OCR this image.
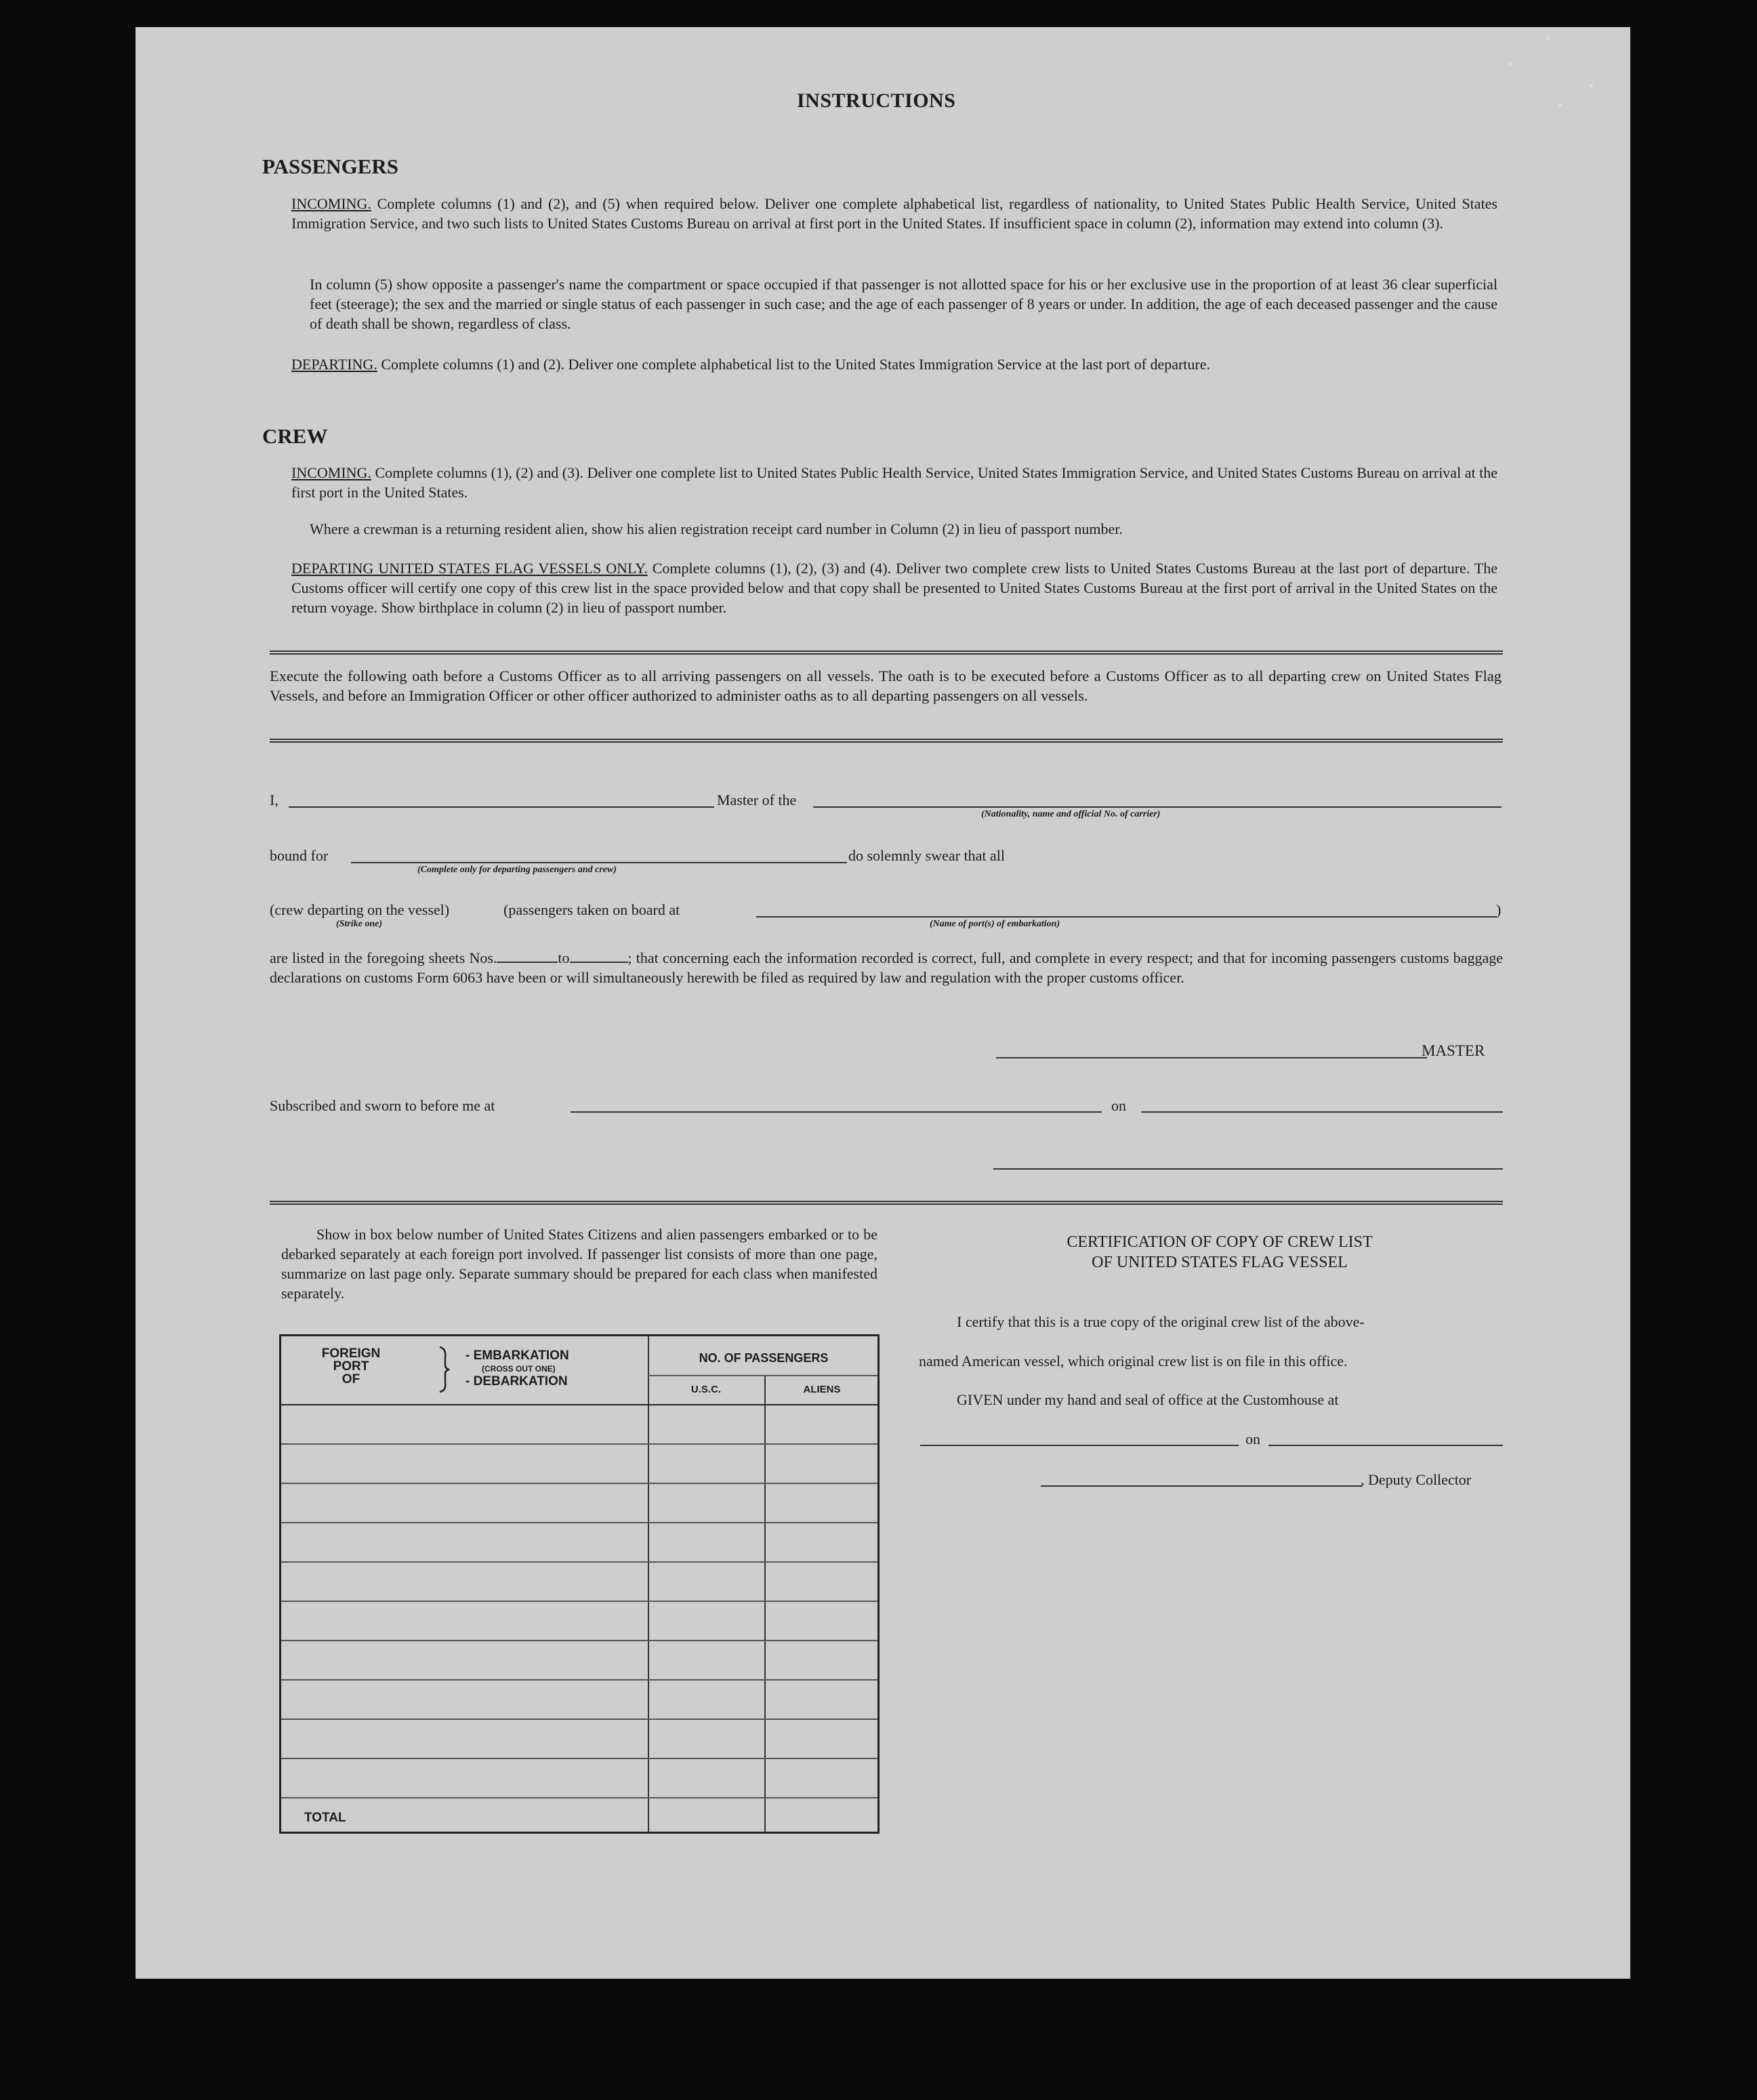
INSTRUCTIONS
PASSENGERS
INCOMING. Complete columns (1) and (2), and (5) when required below. Deliver one complete alphabetical list, regardless of nationality, to United States Public Health Service, United States Immigration Service, and two such lists to United States Customs Bureau on arrival at first port in the United States. If insufficient space in column (2), information may extend into column (3).
In column (5) show opposite a passenger's name the compartment or space occupied if that passenger is not allotted space for his or her exclusive use in the proportion of at least 36 clear superficial feet (steerage); the sex and the married or single status of each passenger in such case; and the age of each passenger of 8 years or under. In addition, the age of each deceased passenger and the cause of death shall be shown, regardless of class.
DEPARTING. Complete columns (1) and (2). Deliver one complete alphabetical list to the United States Immigration Service at the last port of departure.
CREW
INCOMING. Complete columns (1), (2) and (3). Deliver one complete list to United States Public Health Service, United States Immigration Service, and United States Customs Bureau on arrival at the first port in the United States.
Where a crewman is a returning resident alien, show his alien registration receipt card number in Column (2) in lieu of passport number.
DEPARTING UNITED STATES FLAG VESSELS ONLY. Complete columns (1), (2), (3) and (4). Deliver two complete crew lists to United States Customs Bureau at the last port of departure. The Customs officer will certify one copy of this crew list in the space provided below and that copy shall be presented to United States Customs Bureau at the first port of arrival in the United States on the return voyage. Show birthplace in column (2) in lieu of passport number.
Execute the following oath before a Customs Officer as to all arriving passengers on all vessels. The oath is to be executed before a Customs Officer as to all departing crew on United States Flag Vessels, and before an Immigration Officer or other officer authorized to administer oaths as to all departing passengers on all vessels.
I,	Master of the
(Nationality, name and official No. of carrier)
bound for
(Complete only for departing passengers and crew)
do solemnly swear that all
(crew departing on the vessel)
(Strike one)
(passengers taken on board at
(Name of port(s) of embarkation)
)
are listed in the foregoing sheets Nos.	to	; that concerning each the information recorded is correct, full, and complete in every respect; and that for incoming passengers customs baggage declarations on customs Form 6063 have been or will simultaneously herewith be filed as required by law and regulation with the proper customs officer.
MASTER
Subscribed and sworn to before me at	on
Show in box below number of United States Citizens and alien passengers embarked or to be debarked separately at each foreign port involved. If passenger list consists of more than one page, summarize on last page only. Separate summary should be prepared for each class when manifested separately.
FOREIGN
PORT
OF
- EMBARKATION
(CROSS OUT ONE)
- DEBARKATION
NO. OF PASSENGERS
U.S.C.	ALIENS
TOTAL
CERTIFICATION OF COPY OF CREW LIST
OF UNITED STATES FLAG VESSEL
I certify that this is a true copy of the original crew list of the above-
named American vessel, which original crew list is on file in this office.
GIVEN under my hand and seal of office at the Customhouse at
on
, Deputy Collector
